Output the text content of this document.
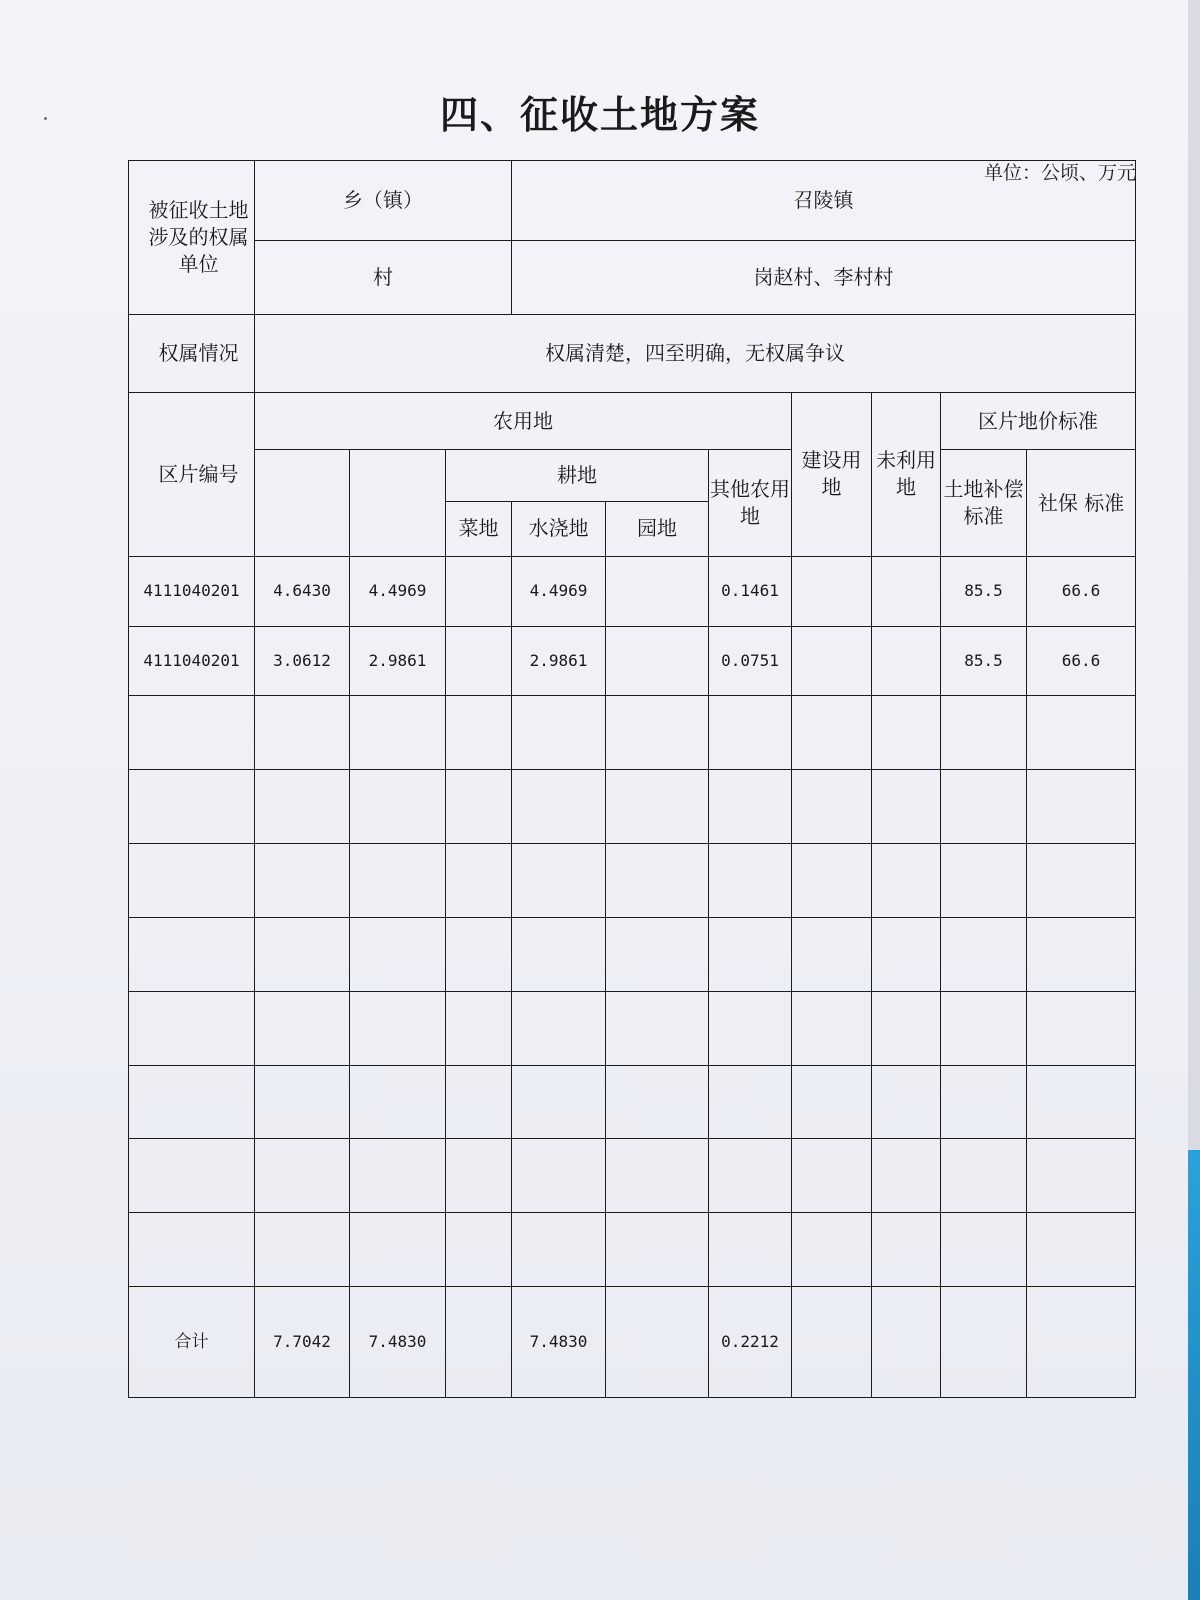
四、征收土地方案
单位：公顷、万元
被征收土地涉及的权属单位	乡（镇）			召陵镇						
	村			岗赵村、李村村						
权属情况	权属清楚，四至明确，无权属争议									
区片编号	农用地						建设用地	未利用地	区片地价标准	
			耕地			其他农用地			土地补偿标准	社保 标准
			菜地	水浇地	园地					
4111040201	4.6430	4.4969		4.4969		0.1461			85.5	66.6
4111040201	3.0612	2.9861		2.9861		0.0751			85.5	66.6

合计	7.7042	7.4830		7.4830		0.2212				
